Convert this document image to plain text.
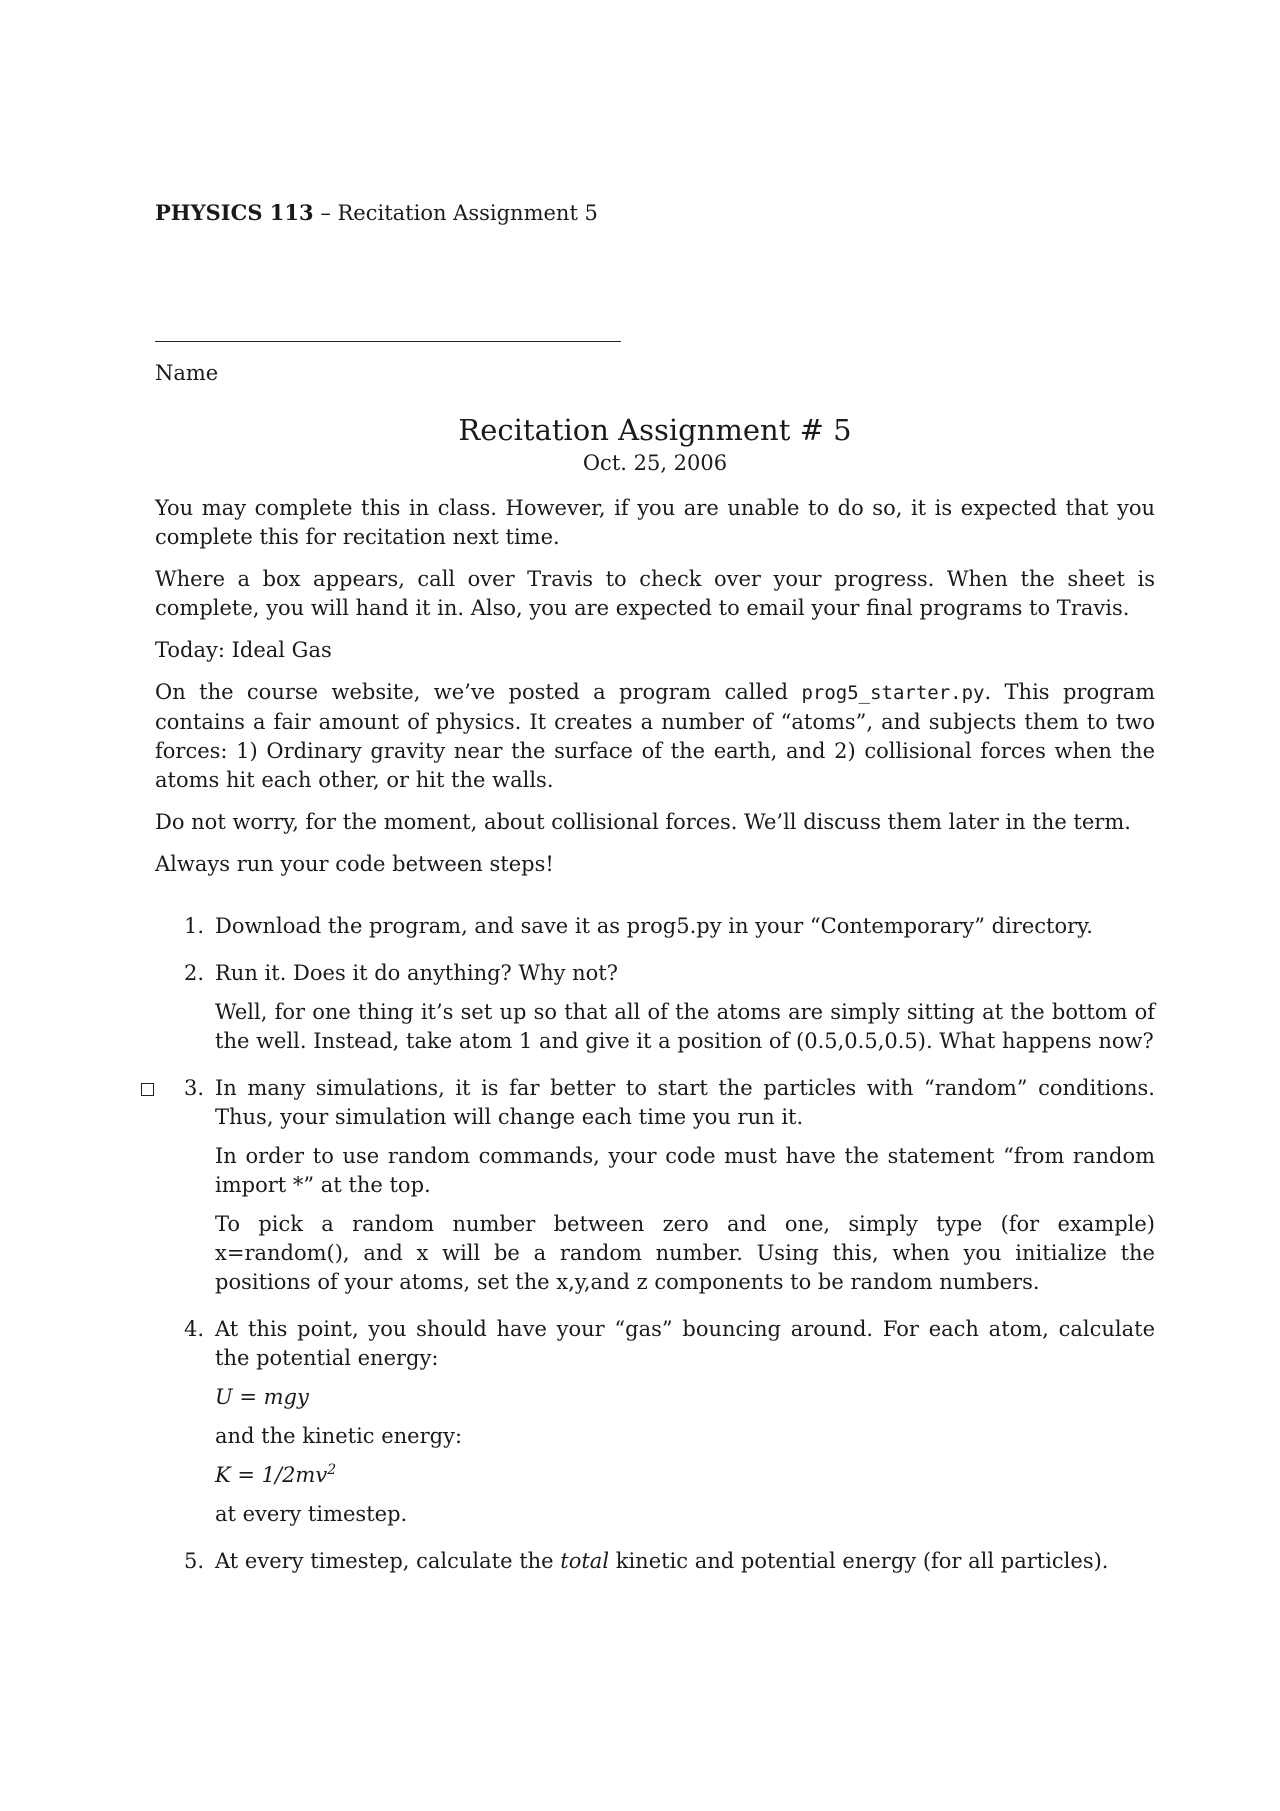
PHYSICS 113 – Recitation Assignment 5
Name
Recitation Assignment # 5
Oct. 25, 2006

You may complete this in class. However, if you are unable to do so, it is expected that you complete this for recitation next time.

Where a box appears, call over Travis to check over your progress. When the sheet is complete, you will hand it in. Also, you are expected to email your final programs to Travis.

Today: Ideal Gas

On the course website, we’ve posted a program called prog5_starter.py. This program contains a fair amount of physics. It creates a number of “atoms”, and subjects them to two forces: 1) Ordinary gravity near the surface of the earth, and 2) collisional forces when the atoms hit each other, or hit the walls.

Do not worry, for the moment, about collisional forces. We’ll discuss them later in the term.

Always run your code between steps!

1. Download the program, and save it as prog5.py in your “Contemporary” directory.

2. Run it. Does it do anything? Why not?

Well, for one thing it’s set up so that all of the atoms are simply sitting at the bottom of the well. Instead, take atom 1 and give it a position of (0.5,0.5,0.5). What happens now?

3. In many simulations, it is far better to start the particles with “random” conditions. Thus, your simulation will change each time you run it.

In order to use random commands, your code must have the statement “from random import *” at the top.

To pick a random number between zero and one, simply type (for example) x=random(), and x will be a random number. Using this, when you initialize the positions of your atoms, set the x,y,and z components to be random numbers.

4. At this point, you should have your “gas” bouncing around. For each atom, calculate the potential energy:

U = mgy

and the kinetic energy:

$K = 1/2mv^2$

at every timestep.

5. At every timestep, calculate the total kinetic and potential energy (for all particles).
